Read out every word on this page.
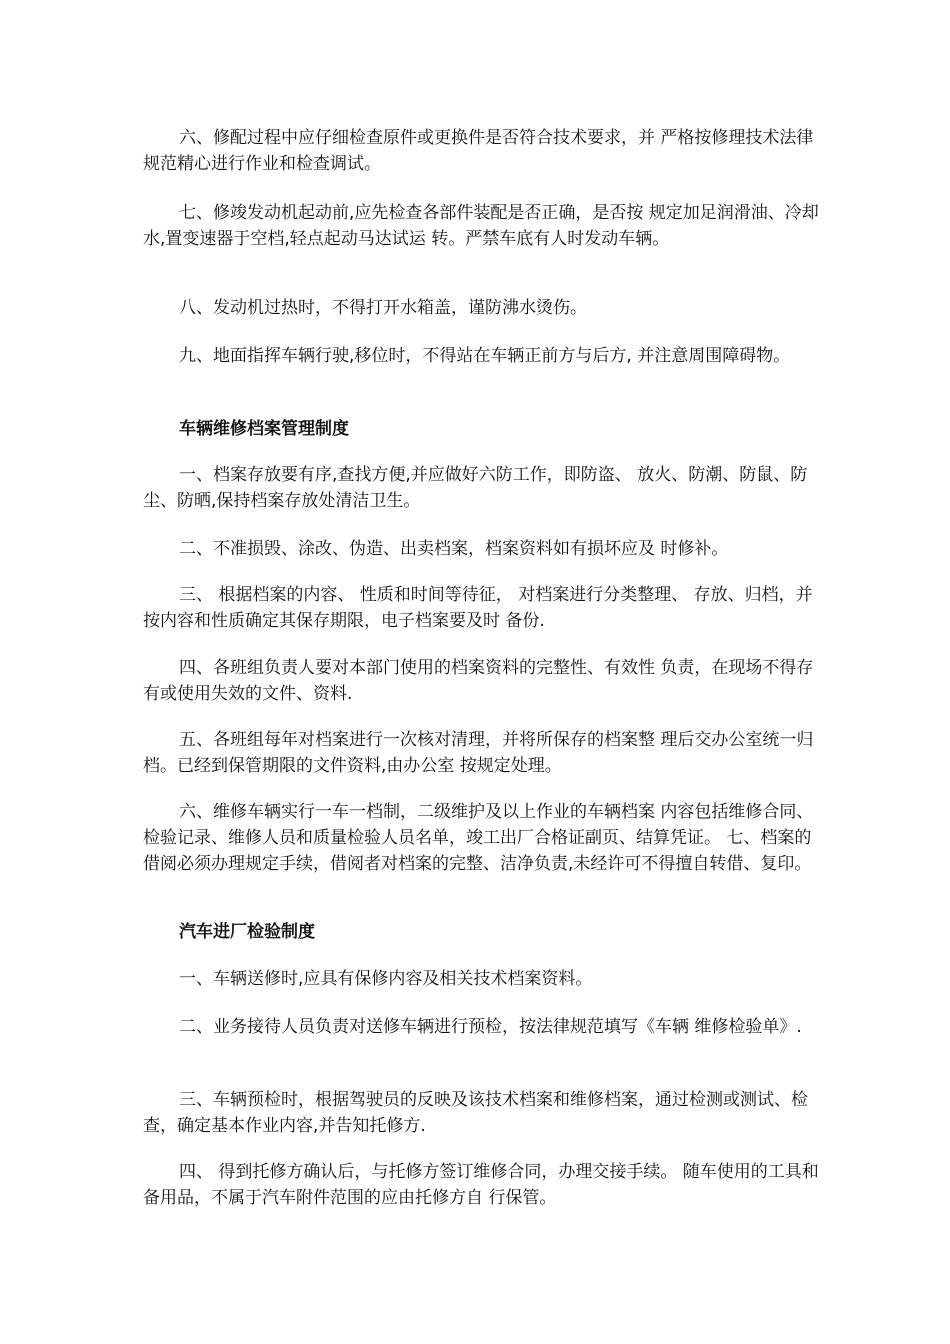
六、修配过程中应仔细检查原件或更换件是否符合技术要求，并 严格按修理技术法律规范精心进行作业和检查调试。

七、修竣发动机起动前,应先检查各部件装配是否正确，是否按 规定加足润滑油、冷却水,置变速器于空档,轻点起动马达试运 转。严禁车底有人时发动车辆。

八、发动机过热时，不得打开水箱盖，谨防沸水烫伤。

九、地面指挥车辆行驶,移位时，不得站在车辆正前方与后方, 并注意周围障碍物。

车辆维修档案管理制度

一、档案存放要有序,查找方便,并应做好六防工作，即防盗、 放火、防潮、防鼠、防尘、防晒,保持档案存放处清洁卫生。

二、不准损毁、涂改、伪造、出卖档案，档案资料如有损坏应及 时修补。

三、 根据档案的内容、 性质和时间等待征， 对档案进行分类整理、 存放、归档，并按内容和性质确定其保存期限，电子档案要及时 备份.

四、各班组负责人要对本部门使用的档案资料的完整性、有效性 负责，在现场不得存有或使用失效的文件、资料.

五、各班组每年对档案进行一次核对清理，并将所保存的档案整 理后交办公室统一归档。已经到保管期限的文件资料,由办公室 按规定处理。

六、维修车辆实行一车一档制，二级维护及以上作业的车辆档案 内容包括维修合同、检验记录、维修人员和质量检验人员名单，竣工出厂合格证副页、结算凭证。 七、档案的借阅必须办理规定手续，借阅者对档案的完整、洁净负责,未经许可不得擅自转借、复印。

汽车进厂检验制度

一、车辆送修时,应具有保修内容及相关技术档案资料。

二、业务接待人员负责对送修车辆进行预检，按法律规范填写《车辆 维修检验单》.

三、车辆预检时，根据驾驶员的反映及该技术档案和维修档案，通过检测或测试、检查，确定基本作业内容,并告知托修方.

四、 得到托修方确认后，与托修方签订维修合同，办理交接手续。 随车使用的工具和备用品，不属于汽车附件范围的应由托修方自 行保管。
